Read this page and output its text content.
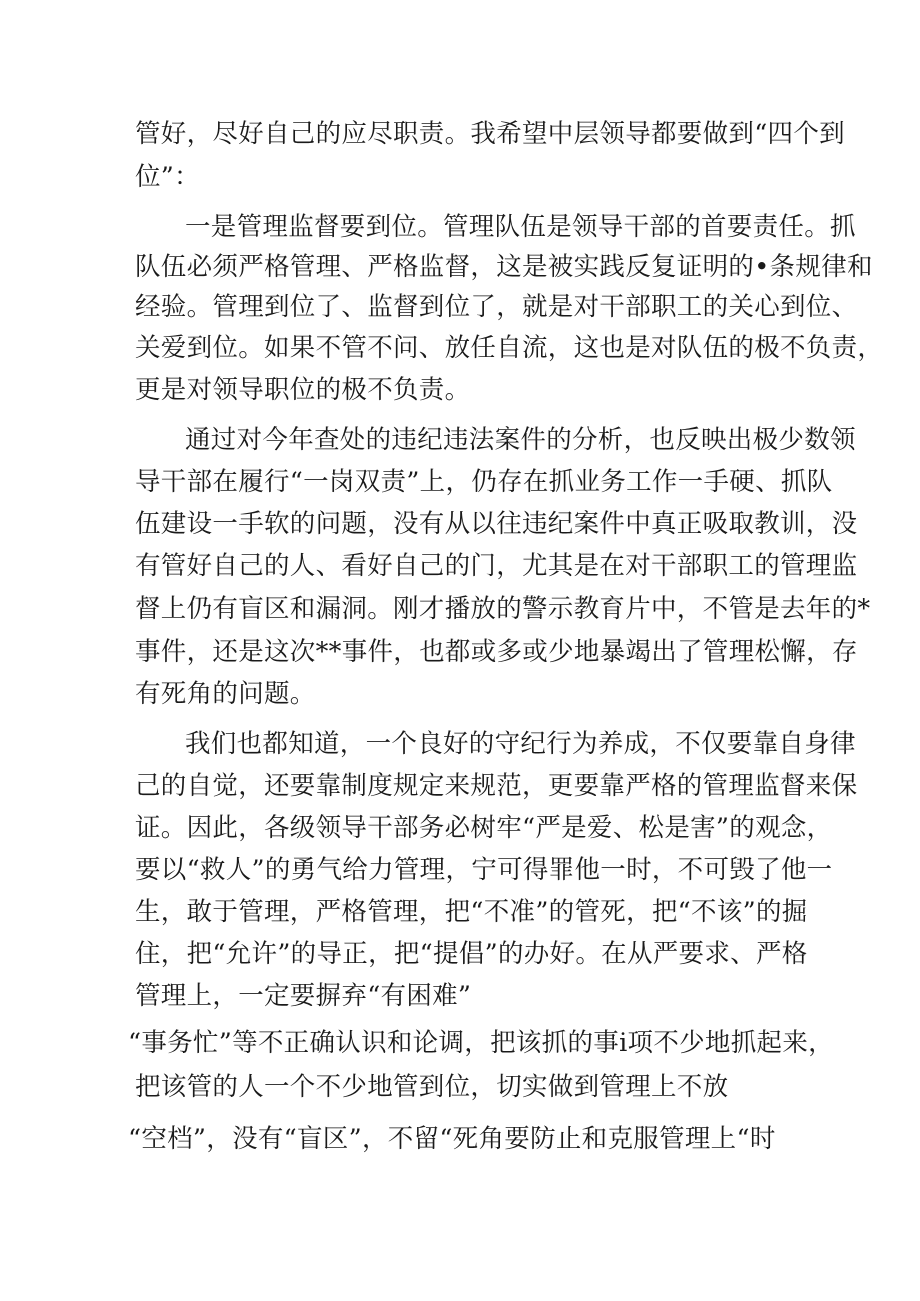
管好，尽好自己的应尽职责。我希望中层领导都要做到“四个到
位”：
一是管理监督要到位。管理队伍是领导干部的首要责任。抓
队伍必须严格管理、严格监督，这是被实践反复证明的•条规律和
经验。管理到位了、监督到位了，就是对干部职工的关心到位、
关爱到位。如果不管不问、放任自流，这也是对队伍的极不负责，
更是对领导职位的极不负责。
通过对今年查处的违纪违法案件的分析，也反映出极少数领
导干部在履行“一岗双责”上，仍存在抓业务工作一手硬、抓队
伍建设一手软的问题，没有从以往违纪案件中真正吸取教训，没
有管好自己的人、看好自己的门，尤其是在对干部职工的管理监
督上仍有盲区和漏洞。刚才播放的警示教育片中，不管是去年的*
事件，还是这次**事件，也都或多或少地暴竭出了管理松懈，存
有死角的问题。
我们也都知道，一个良好的守纪行为养成，不仅要靠自身律
己的自觉，还要靠制度规定来规范，更要靠严格的管理监督来保
证。因此，各级领导干部务必树牢“严是爱、松是害”的观念，
要以“救人”的勇气给力管理，宁可得罪他一时，不可毁了他一
生，敢于管理，严格管理，把“不准”的管死，把“不该”的掘
住，把“允许”的导正，把“提倡”的办好。在从严要求、严格
管理上，一定要摒弃“有困难”
“事务忙”等不正确认识和论调，把该抓的事i项不少地抓起来，
把该管的人一个不少地管到位，切实做到管理上不放
“空档”，没有“盲区”，不留“死角要防止和克服管理上“时
